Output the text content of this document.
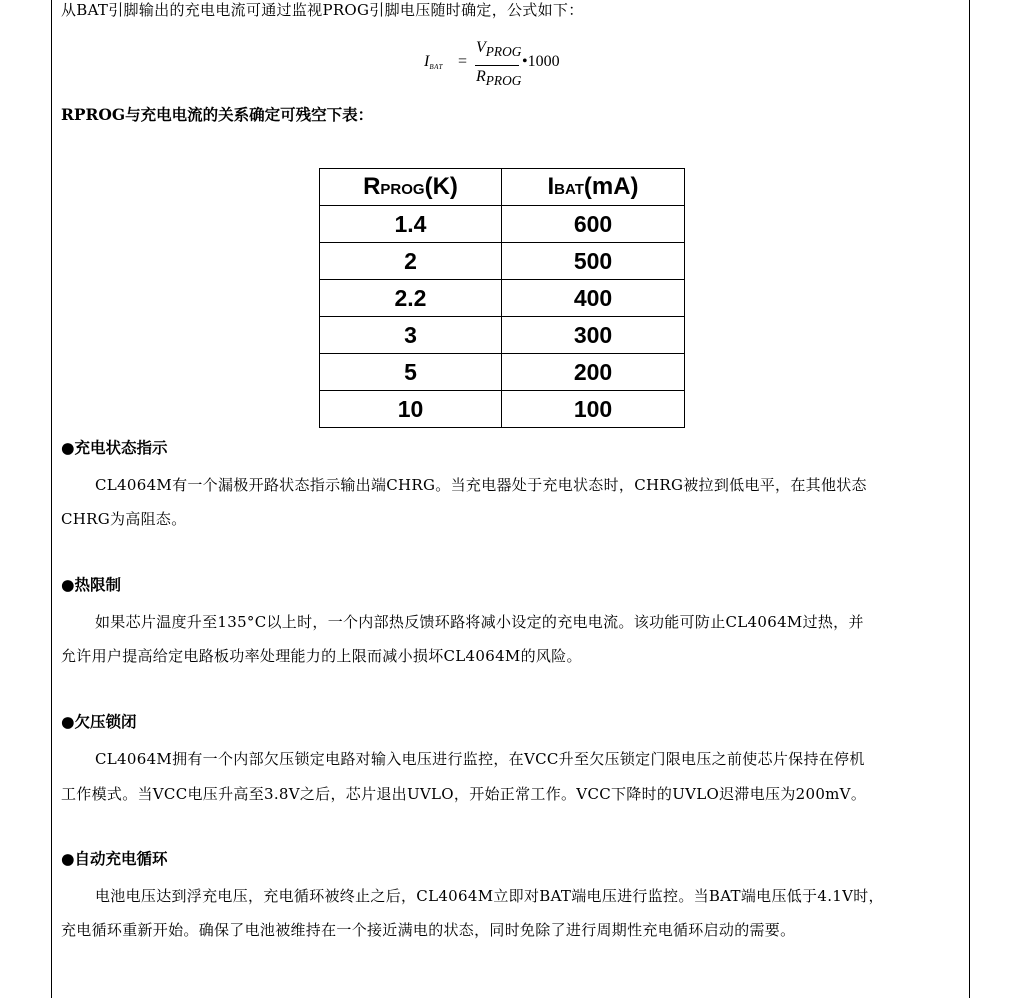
从BAT引脚输出的充电电流可通过监视PROG引脚电压随时确定，公式如下：
$I_{BAT}$ =
$V_{PROG}$
$R_{PROG}$
•1000
RPROG与充电电流的关系确定可残空下表：
RPROG(K)	IBAT(mA)
1.4	600
2	500
2.2	400
3	300
5	200
10	100
●充电状态指示
CL4064M有一个漏极开路状态指示输出端CHRG。当充电器处于充电状态时，CHRG被拉到低电平，在其他状态
CHRG为高阻态。
●热限制
如果芯片温度升至135°C以上时，一个内部热反馈环路将减小设定的充电电流。该功能可防止CL4064M过热，并
允许用户提高给定电路板功率处理能力的上限而减小损坏CL4064M的风险。
●欠压锁闭
CL4064M拥有一个内部欠压锁定电路对输入电压进行监控，在VCC升至欠压锁定门限电压之前使芯片保持在停机
工作模式。当VCC电压升高至3.8V之后，芯片退出UVLO，开始正常工作。VCC下降时的UVLO迟滞电压为200mV。
●自动充电循环
电池电压达到浮充电压，充电循环被终止之后，CL4064M立即对BAT端电压进行监控。当BAT端电压低于4.1V时，
充电循环重新开始。确保了电池被维持在一个接近满电的状态，同时免除了进行周期性充电循环启动的需要。
